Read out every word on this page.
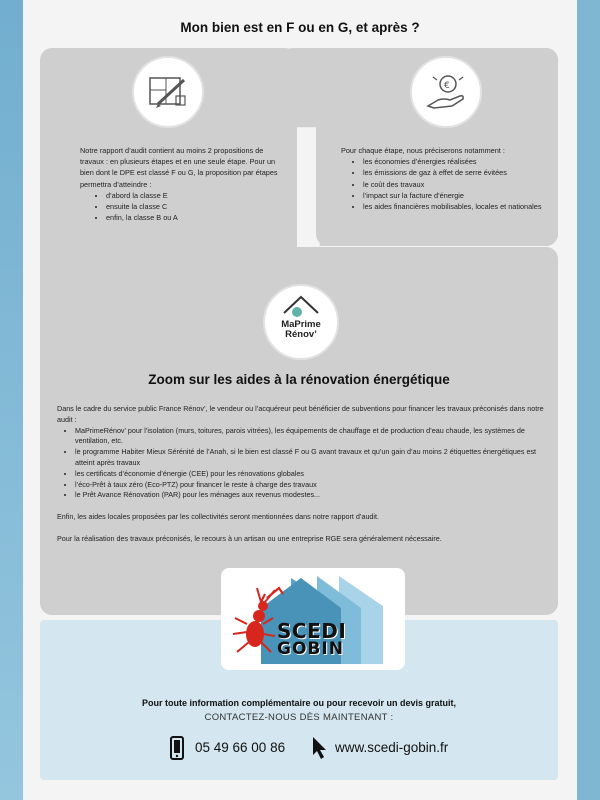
Mon bien est en F ou en G, et après ?
Notre rapport d’audit contient au moins 2 propositions de travaux : en plusieurs étapes et en une seule étape. Pour un bien dont le DPE est classé F ou G, la proposition par étapes permettra d’atteindre :
• d’abord la classe E
• ensuite la classe C
• enfin, la classe B ou A
€
Pour chaque étape, nous préciserons notamment :
• les économies d’énergies réalisées
• les émissions de gaz à effet de serre évitées
• le coût des travaux
• l’impact sur la facture d’énergie
• les aides financières mobilisables, locales et nationales
MaPrime
Rénov’
Zoom sur les aides à la rénovation énergétique
Dans le cadre du service public France Rénov’, le vendeur ou l’acquéreur peut bénéficier de subventions pour financer les travaux préconisés dans notre audit :
• MaPrimeRénov’ pour l’isolation (murs, toitures, parois vitrées), les équipements de chauffage et de production d’eau chaude, les systèmes de ventilation, etc.
• le programme Habiter Mieux Sérénité de l’Anah, si le bien est classé F ou G avant travaux et qu’un gain d’au moins 2 étiquettes énergétiques est atteint après travaux
• les certificats d’économie d’énergie (CEE) pour les rénovations globales
• l’éco-Prêt à taux zéro (Eco-PTZ) pour financer le reste à charge des travaux
• le Prêt Avance Rénovation (PAR) pour les ménages aux revenus modestes...
Enfin, les aides locales proposées par les collectivités seront mentionnées dans notre rapport d’audit.
Pour la réalisation des travaux préconisés, le recours à un artisan ou une entreprise RGE sera généralement nécessaire.
Pour toute information complémentaire ou pour recevoir un devis gratuit,
CONTACTEZ-NOUS DÈS MAINTENANT :
05 49 66 00 86	www.scedi-gobin.fr
SCEDI
GOBIN
